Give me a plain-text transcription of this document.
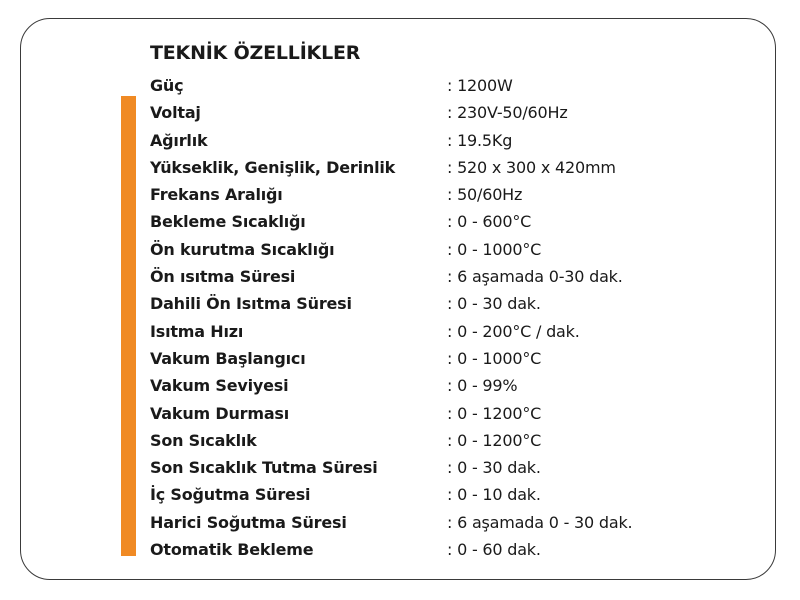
TEKNİK ÖZELLİKLER
Güç	: 1200W
Voltaj	: 230V-50/60Hz
Ağırlık	: 19.5Kg
Yükseklik, Genişlik, Derinlik	: 520 x 300 x 420mm
Frekans Aralığı	: 50/60Hz
Bekleme Sıcaklığı	: 0 - 600°C
Ön kurutma Sıcaklığı	: 0 - 1000°C
Ön ısıtma Süresi	: 6 aşamada 0-30 dak.
Dahili Ön Isıtma Süresi	: 0 - 30 dak.
Isıtma Hızı	: 0 - 200°C / dak.
Vakum Başlangıcı	: 0 - 1000°C
Vakum Seviyesi	: 0 - 99%
Vakum Durması	: 0 - 1200°C
Son Sıcaklık	: 0 - 1200°C
Son Sıcaklık Tutma Süresi	: 0 - 30 dak.
İç Soğutma Süresi	: 0 - 10 dak.
Harici Soğutma Süresi	: 6 aşamada 0 - 30 dak.
Otomatik Bekleme	: 0 - 60 dak.
